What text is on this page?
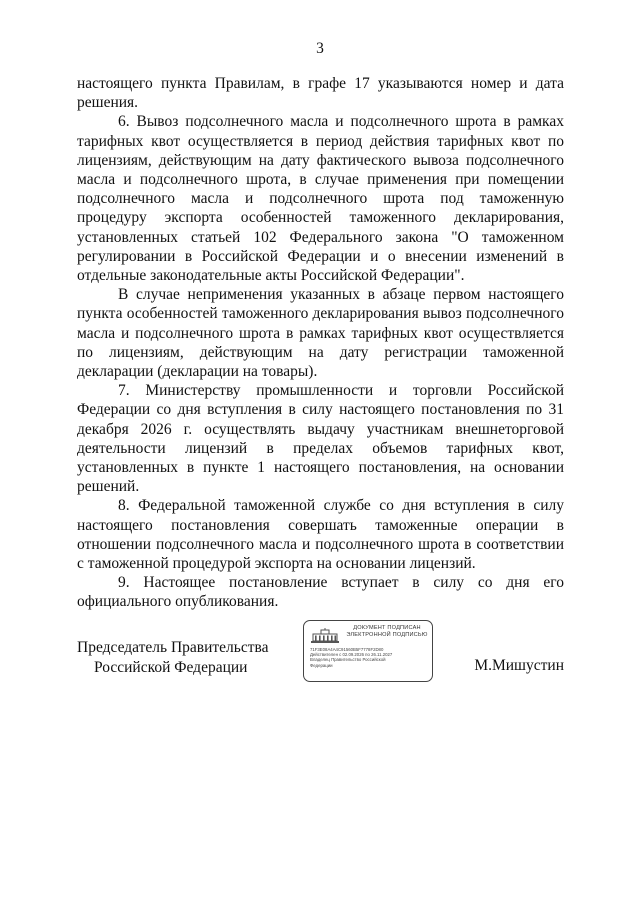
3

настоящего пункта Правилам, в графе 17 указываются номер и дата решения.

6. Вывоз подсолнечного масла и подсолнечного шрота в рамках тарифных квот осуществляется в период действия тарифных квот по лицензиям, действующим на дату фактического вывоза подсолнечного масла и подсолнечного шрота, в случае применения при помещении подсолнечного масла и подсолнечного шрота под таможенную процедуру экспорта особенностей таможенного декларирования, установленных статьей 102 Федерального закона "О таможенном регулировании в Российской Федерации и о внесении изменений в отдельные законодательные акты Российской Федерации".

В случае неприменения указанных в абзаце первом настоящего пункта особенностей таможенного декларирования вывоз подсолнечного масла и подсолнечного шрота в рамках тарифных квот осуществляется по лицензиям, действующим на дату регистрации таможенной декларации (декларации на товары).

7. Министерству промышленности и торговли Российской Федерации со дня вступления в силу настоящего постановления по 31 декабря 2026 г. осуществлять выдачу участникам внешнеторговой деятельности лицензий в пределах объемов тарифных квот, установленных в пункте 1 настоящего постановления, на основании решений.

8. Федеральной таможенной службе со дня вступления в силу настоящего постановления совершать таможенные операции в отношении подсолнечного масла и подсолнечного шрота в соответствии с таможенной процедурой экспорта на основании лицензий.

9. Настоящее постановление вступает в силу со дня его официального опубликования.

Председатель Правительства
Российской Федерации
ДОКУМЕНТ ПОДПИСАН
ЭЛЕКТРОННОЙ ПОДПИСЬЮ
71F3E08A4A4C91560B5F7778F2D80
Действителен с 02.09.2026 по 26.11.2027
Владелец Правительство Российской
Федерации	М.Мишустин
